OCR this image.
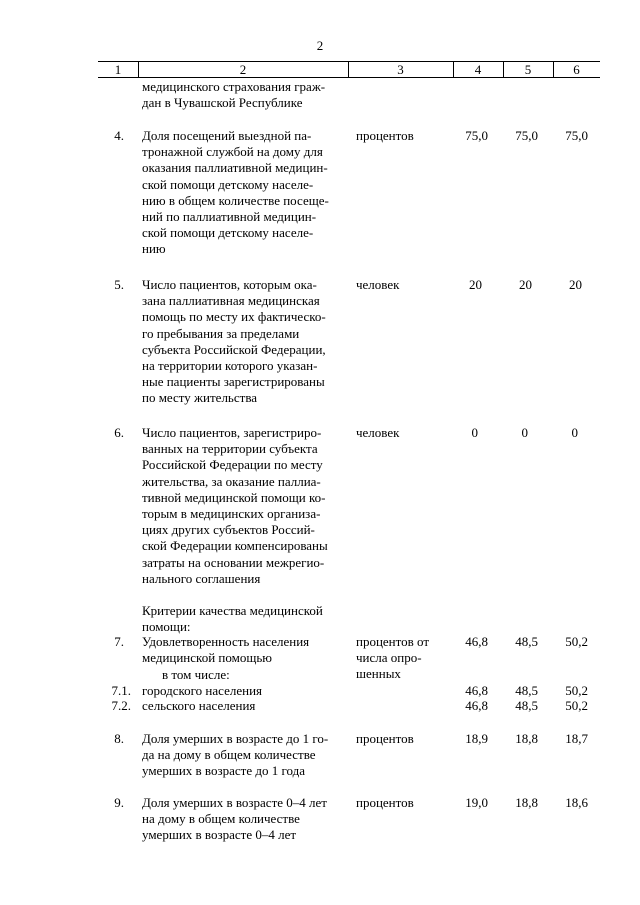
2
1	2	3	4	5	6
медицинского страхования граж-
дан в Чувашской Республике
4. Доля посещений выездной па-
тронажной службой на дому для
оказания паллиативной медицин-
ской помощи детскому населе-
нию в общем количестве посеще-
ний по паллиативной медицин-
ской помощи детскому населе-
нию
процентов	75,0	75,0	75,0
5. Число пациентов, которым ока-
зана паллиативная медицинская
помощь по месту их фактическо-
го пребывания за пределами
субъекта Российской Федерации,
на территории которого указан-
ные пациенты зарегистрированы
по месту жительства
человек	20	20	20
6. Число пациентов, зарегистриро-
ванных на территории субъекта
Российской Федерации по месту
жительства, за оказание паллиа-
тивной медицинской помощи ко-
торым в медицинских организа-
циях других субъектов Россий-
ской Федерации компенсированы
затраты на основании межрегио-
нального соглашения
человек	0	0	0
Критерии качества медицинской
помощи:
7. Удовлетворенность населения
медицинской помощью
процентов от
числа опро-
шенных
46,8	48,5	50,2
в том числе:
7.1. городского населения	46,8	48,5	50,2
7.2. сельского населения	46,8	48,5	50,2
8. Доля умерших в возрасте до 1 го-
да на дому в общем количестве
умерших в возрасте до 1 года
процентов	18,9	18,8	18,7
9. Доля умерших в возрасте 0–4 лет
на дому в общем количестве
умерших в возрасте 0–4 лет
процентов	19,0	18,8	18,6
